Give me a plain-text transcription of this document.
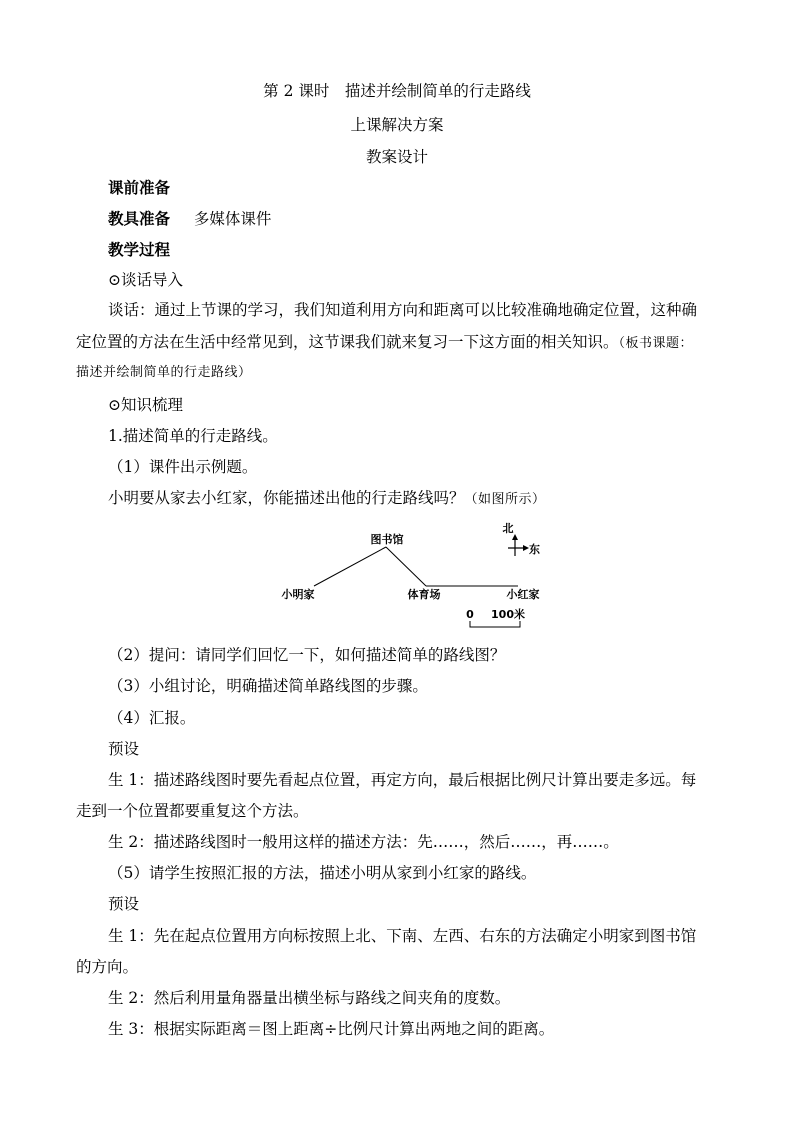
第 2 课时　描述并绘制简单的行走路线
上课解决方案
教案设计
课前准备
教具准备 多媒体课件
教学过程
⊙谈话导入
谈话：通过上节课的学习，我们知道利用方向和距离可以比较准确地确定位置，这种确
定位置的方法在生活中经常见到，这节课我们就来复习一下这方面的相关知识。（板书课题：
描述并绘制简单的行走路线）
⊙知识梳理
1.描述简单的行走路线。
（1）课件出示例题。
小明要从家去小红家，你能描述出他的行走路线吗？（如图所示）
北
东
图书馆
小明家	体育场	小红家
0 100米
（2）提问：请同学们回忆一下，如何描述简单的路线图？
（3）小组讨论，明确描述简单路线图的步骤。
（4）汇报。
预设
生 1：描述路线图时要先看起点位置，再定方向，最后根据比例尺计算出要走多远。每
走到一个位置都要重复这个方法。
生 2：描述路线图时一般用这样的描述方法：先……，然后……，再……。
（5）请学生按照汇报的方法，描述小明从家到小红家的路线。
预设
生 1：先在起点位置用方向标按照上北、下南、左西、右东的方法确定小明家到图书馆
的方向。
生 2：然后利用量角器量出横坐标与路线之间夹角的度数。
生 3：根据实际距离＝图上距离÷比例尺计算出两地之间的距离。
